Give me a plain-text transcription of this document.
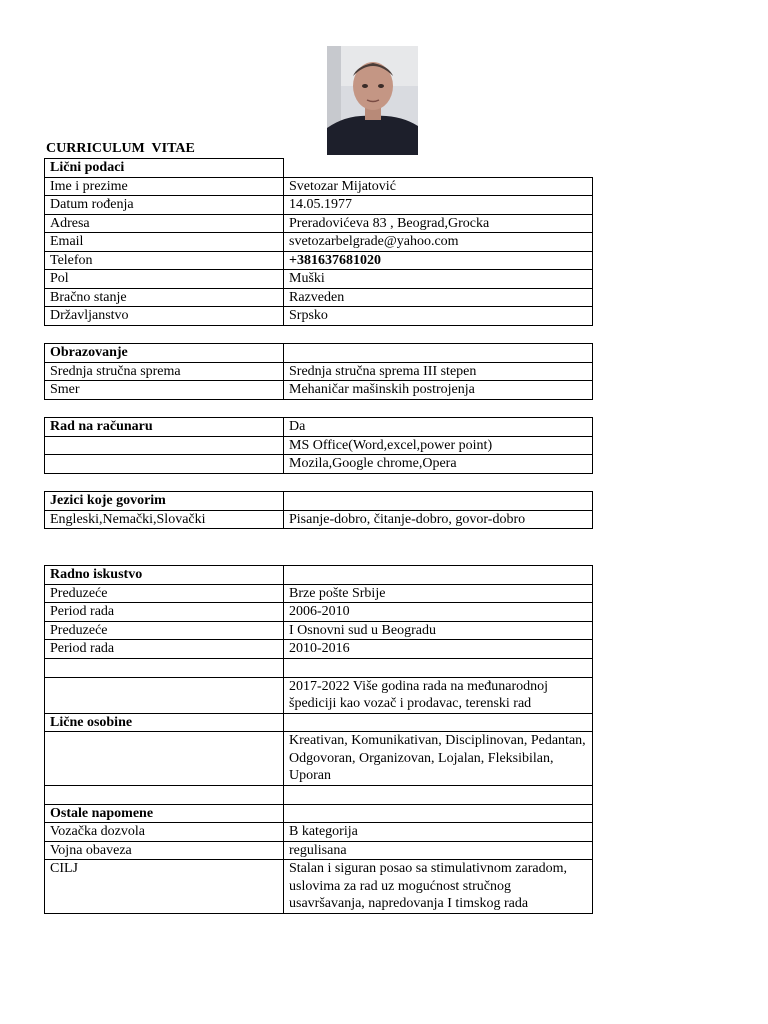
CURRICULUM  VITAE
Lični podaci	
Ime i prezime	Svetozar Mijatović
Datum rođenja	14.05.1977
Adresa	Preradovićeva 83 , Beograd,Grocka
Email	svetozarbelgrade@yahoo.com
Telefon	+381637681020
Pol	Muški
Bračno stanje	Razveden
Državljanstvo	Srpsko
Obrazovanje	
Srednja stručna sprema	Srednja stručna sprema III stepen
Smer	Mehaničar mašinskih postrojenja
Rad na računaru	Da
	MS Office(Word,excel,power point)
	Mozila,Google chrome,Opera
Jezici koje govorim	
Engleski,Nemački,Slovački	Pisanje-dobro, čitanje-dobro, govor-dobro
Radno iskustvo	
Preduzeće	Brze pošte Srbije
Period rada	2006-2010
Preduzeće	I Osnovni sud u Beogradu
Period rada	2010-2016

	2017-2022 Više godina rada na međunarodnoj špediciji kao vozač i prodavac, terenski rad
Lične osobine	
	Kreativan, Komunikativan, Disciplinovan, Pedantan, Odgovoran, Organizovan, Lojalan, Fleksibilan, Uporan

Ostale napomene	
Vozačka dozvola	B kategorija
Vojna obaveza	regulisana
CILJ	Stalan i siguran posao sa stimulativnom zaradom, uslovima za rad uz mogućnost stručnog usavršavanja, napredovanja I timskog rada
